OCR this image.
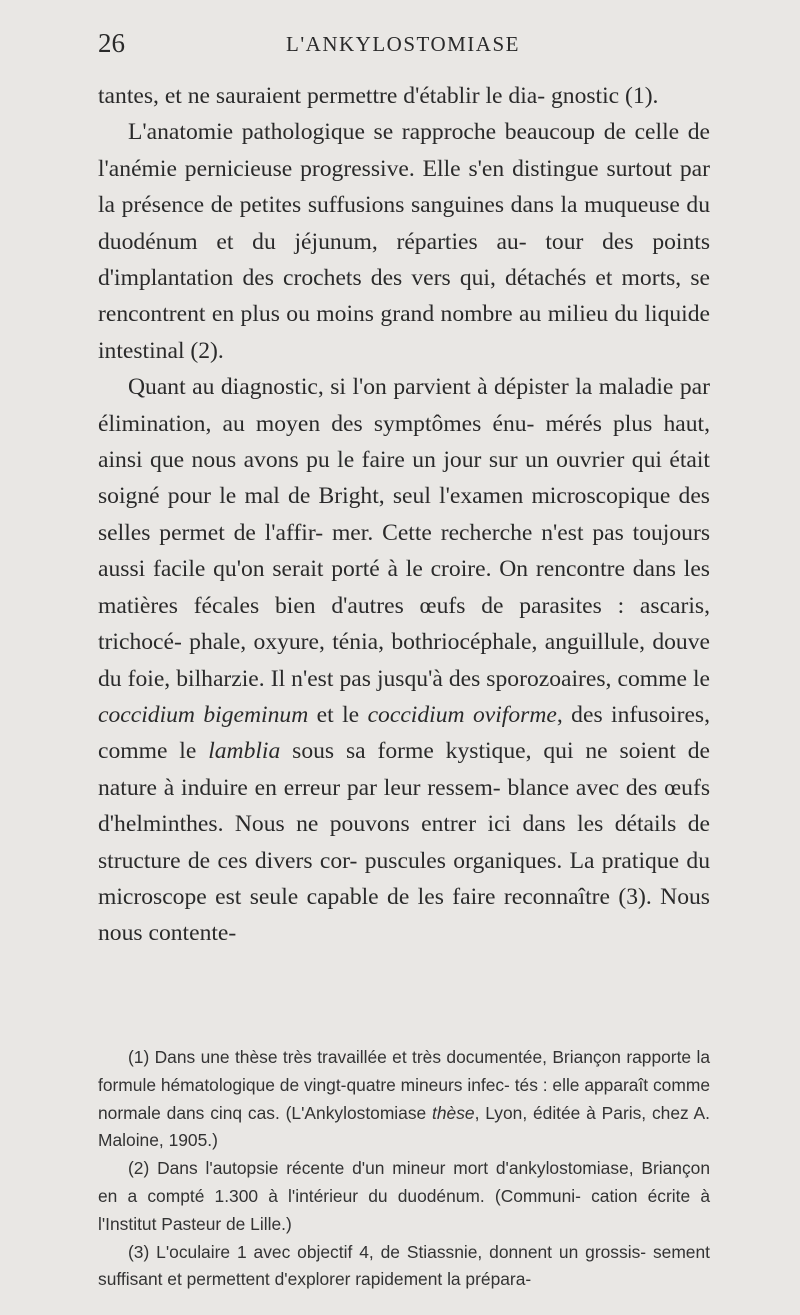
26	L'ANKYLOSTOMIASE

tantes, et ne sauraient permettre d'établir le dia- gnostic (1).

L'anatomie pathologique se rapproche beaucoup de celle de l'anémie pernicieuse progressive. Elle s'en distingue surtout par la présence de petites suffusions sanguines dans la muqueuse du duodénum et du jéjunum, réparties au- tour des points d'implantation des crochets des vers qui, détachés et morts, se rencontrent en plus ou moins grand nombre au milieu du liquide intestinal (2).

Quant au diagnostic, si l'on parvient à dépister la maladie par élimination, au moyen des symptômes énu- mérés plus haut, ainsi que nous avons pu le faire un jour sur un ouvrier qui était soigné pour le mal de Bright, seul l'examen microscopique des selles permet de l'affir- mer. Cette recherche n'est pas toujours aussi facile qu'on serait porté à le croire. On rencontre dans les matières fécales bien d'autres œufs de parasites : ascaris, trichocé- phale, oxyure, ténia, bothriocéphale, anguillule, douve du foie, bilharzie. Il n'est pas jusqu'à des sporozoaires, comme le coccidium bigeminum et le coccidium oviforme, des infusoires, comme le lamblia sous sa forme kystique, qui ne soient de nature à induire en erreur par leur ressem- blance avec des œufs d'helminthes. Nous ne pouvons entrer ici dans les détails de structure de ces divers cor- puscules organiques. La pratique du microscope est seule capable de les faire reconnaître (3). Nous nous contente-

(1) Dans une thèse très travaillée et très documentée, Briançon rapporte la formule hématologique de vingt-quatre mineurs infec- tés : elle apparaît comme normale dans cinq cas. (L'Ankylostomiase thèse, Lyon, éditée à Paris, chez A. Maloine, 1905.)

(2) Dans l'autopsie récente d'un mineur mort d'ankylostomiase, Briançon en a compté 1.300 à l'intérieur du duodénum. (Communi- cation écrite à l'Institut Pasteur de Lille.)

(3) L'oculaire 1 avec objectif 4, de Stiassnie, donnent un grossis- sement suffisant et permettent d'explorer rapidement la prépara-
